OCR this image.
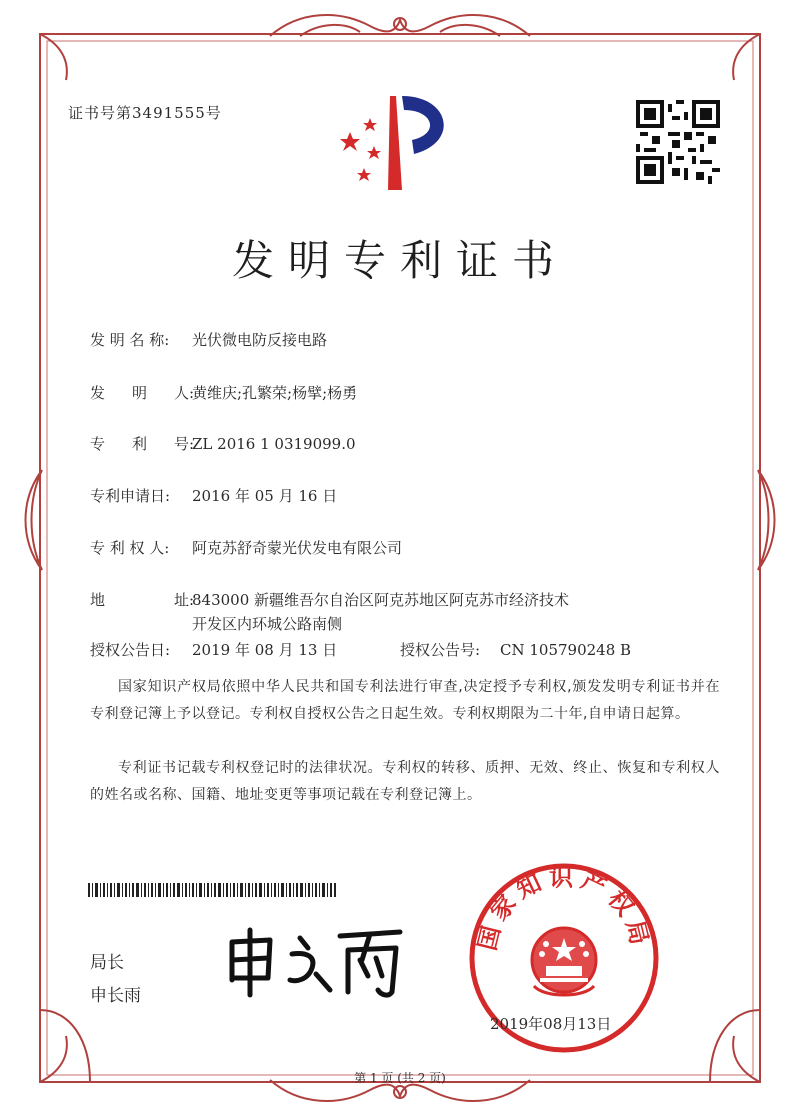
证书号第3491555号
发明专利证书
发 明 名 称: 光伏微电防反接电路
发 明 人:
黄维庆;孔繁荣;杨擘;杨勇
专 利 号:
ZL 2016 1 0319099.0
专利申请日: 2016 年 05 月 16 日
专 利 权 人: 阿克苏舒奇蒙光伏发电有限公司
地	址:
843000 新疆维吾尔自治区阿克苏地区阿克苏市经济技术
开发区内环城公路南侧
授权公告日: 2019 年 08 月 13 日	授权公告号: CN 105790248 B
国家知识产权局依照中华人民共和国专利法进行审查,决定授予专利权,颁发发明专利证书并在专利登记簿上予以登记。专利权自授权公告之日起生效。专利权期限为二十年,自申请日起算。
专利证书记载专利权登记时的法律状况。专利权的转移、质押、无效、终止、恢复和专利权人的姓名或名称、国籍、地址变更等事项记载在专利登记簿上。
局长
申长雨
国家知识产权局
2019年08月13日
第 1 页 (共 2 页)
